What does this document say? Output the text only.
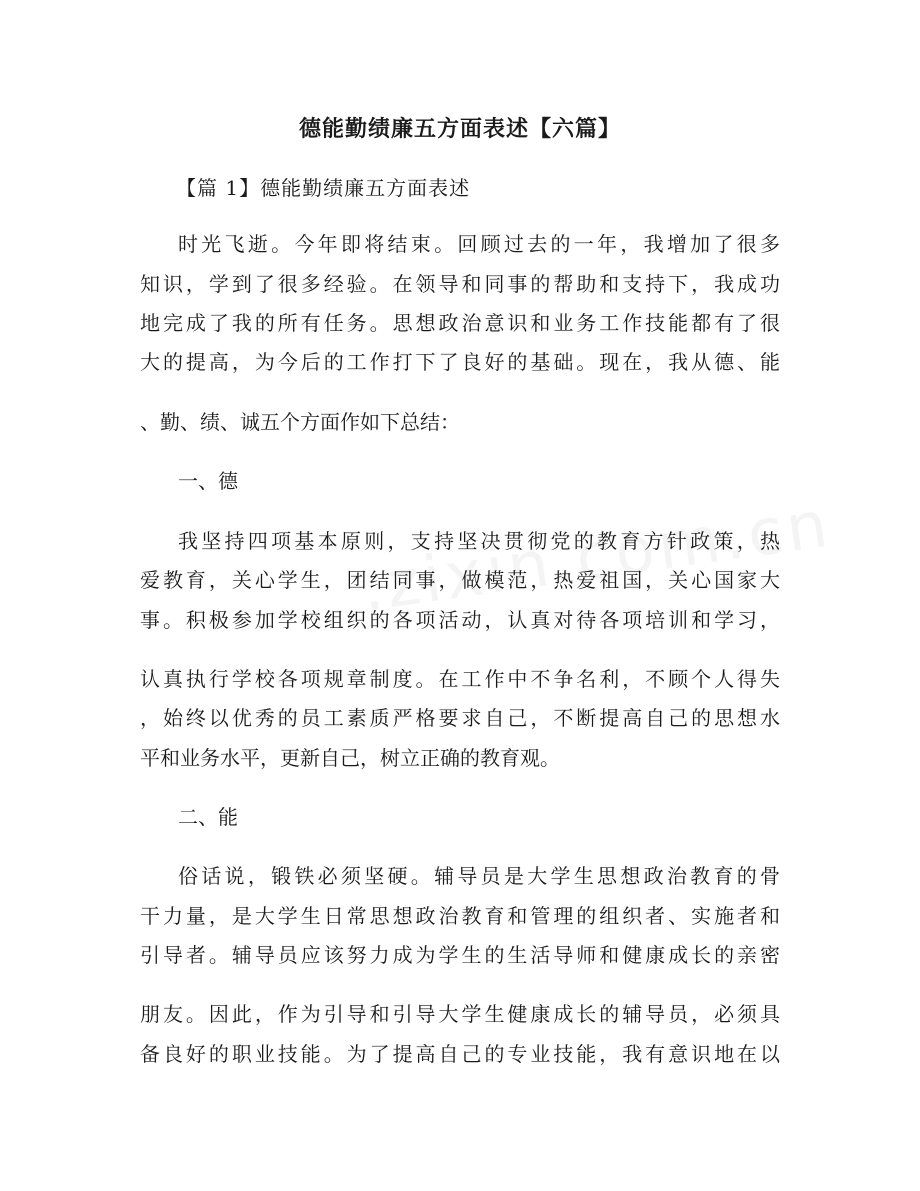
德能勤绩廉五方面表述【六篇】
【篇 1】德能勤绩廉五方面表述
时光飞逝。今年即将结束。回顾过去的一年，我增加了很多
知识，学到了很多经验。在领导和同事的帮助和支持下，我成功
地完成了我的所有任务。思想政治意识和业务工作技能都有了很
大的提高，为今后的工作打下了良好的基础。现在，我从德、能
、勤、绩、诚五个方面作如下总结：
一、德
我坚持四项基本原则，支持坚决贯彻党的教育方针政策，热
爱教育，关心学生，团结同事，做模范，热爱祖国，关心国家大
事。积极参加学校组织的各项活动，认真对待各项培训和学习，
认真执行学校各项规章制度。在工作中不争名利，不顾个人得失
，始终以优秀的员工素质严格要求自己，不断提高自己的思想水
平和业务水平，更新自己，树立正确的教育观。
二、能
俗话说，锻铁必须坚硬。辅导员是大学生思想政治教育的骨
干力量，是大学生日常思想政治教育和管理的组织者、实施者和
引导者。辅导员应该努力成为学生的生活导师和健康成长的亲密
朋友。因此，作为引导和引导大学生健康成长的辅导员，必须具
备良好的职业技能。为了提高自己的专业技能，我有意识地在以
